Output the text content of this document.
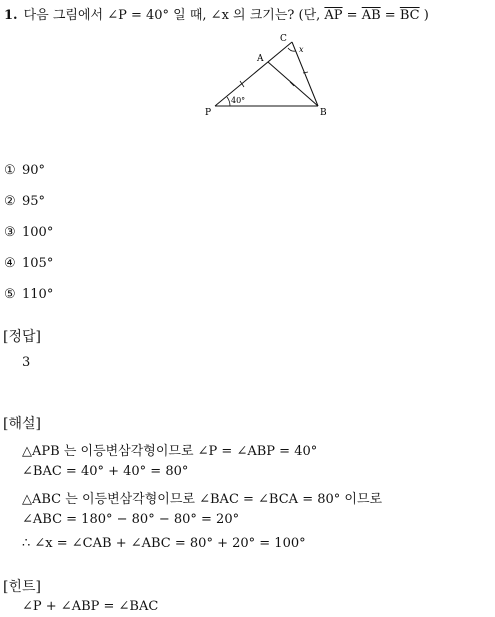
1. 다음 그림에서 ∠P = 40° 일 때, ∠x 의 크기는? (단, $\overline{AP} = \overline{AB} = \overline{BC}$ )
C
A
P	B
x
40°
① 90°
② 95°
③ 100°
④ 105°
⑤ 110°
[정답]
3
[해설]
△APB 는 이등변삼각형이므로 ∠P = ∠ABP = 40°
∠BAC = 40° + 40° = 80°
△ABC 는 이등변삼각형이므로 ∠BAC = ∠BCA = 80° 이므로
∠ABC = 180° − 80° − 80° = 20°
∴ ∠x = ∠CAB + ∠ABC = 80° + 20° = 100°
[힌트]
∠P + ∠ABP = ∠BAC
